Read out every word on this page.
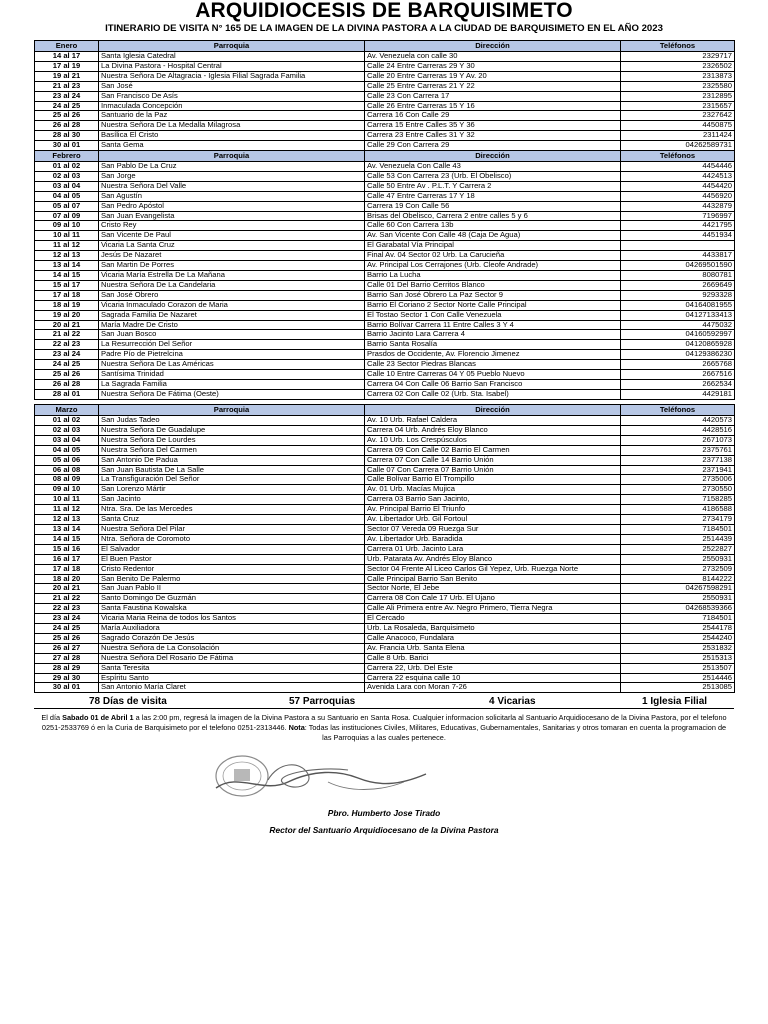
ARQUIDIOCESIS DE BARQUISIMETO
ITINERARIO DE VISITA N° 165 DE LA IMAGEN DE LA DIVINA PASTORA A LA CIUDAD DE BARQUISIMETO EN EL AÑO 2023
Enero	Parroquia	Dirección	Teléfonos
14 al 17	Santa Iglesia Catedral	Av. Venezuela con calle 30	2329717
17 al 19	La Divina Pastora - Hospital Central	Calle 24 Entre Carreras 29 Y 30	2326502
19 al 21	Nuestra Señora De Altagracia - Iglesia Filial Sagrada Familia	Calle 20 Entre Carreras 19 Y Av. 20	2313873
21 al 23	San José	Calle 25 Entre Carreras 21 Y 22	2325580
23 al 24	San Francisco De Asís	Calle 23 Con Carrera 17	2312895
24 al 25	Inmaculada Concepción	Calle 26 Entre Carreras 15 Y 16	2315657
25 al 26	Santuario de la Paz	Carrera 16 Con Calle 29	2327642
26 al 28	Nuestra Señora De La Medalla Milagrosa	Carrera 15 Entre Calles 35 Y 36	4450875
28 al 30	Basílica El Cristo	Carrera 23 Entre Calles 31 Y 32	2311424
30 al 01	Santa Gema	Calle 29 Con Carrera 29	04262589731
Febrero	Parroquia	Dirección	Teléfonos
01 al 02	San Pablo De La Cruz	Av. Venezuela Con Calle 43	4454446
02 al 03	San Jorge	Calle 53 Con Carrera 23 (Urb. El Obelisco)	4424513
03 al 04	Nuestra Señora Del Valle	Calle 50 Entre Av . P.L.T. Y Carrera 2	4454420
04 al 05	San Agustín	Calle 47 Entre Carreras 17 Y 18	4456920
05 al 07	San Pedro Apóstol	Carrera 19 Con Calle 56	4432879
07 al 09	San Juan Evangelista	Brisas del Obelisco, Carrera 2 entre calles 5 y 6	7196997
09 al 10	Cristo Rey	Calle 60 Con Carrera 13b	4421795
10 al 11	San Vicente De Paul	Av. San Vicente Con Calle 48 (Caja De Agua)	4451934
11 al 12	Vicaria La Santa Cruz	El Garabatal Vía Principal	
12 al 13	Jesús De Nazaret	Final Av. 04 Sector 02 Urb. La Carucieña	4433817
13 al 14	San Martin De Porres	Av. Principal Los Cerrajones (Urb. Cleofe Andrade)	04269501590
14 al 15	Vicaria María Estrella De La Mañana	Barrio La Lucha	8080781
15 al 17	Nuestra Señora De La Candelaria	Calle 01 Del Barrio Cerritos Blanco	2669649
17 al 18	San José Obrero	Barrio San José Obrero La Paz Sector 9	9293328
18 al 19	Vicaria Inmaculado Corazon de Maria	Barrio El Coriano 2 Sector Norte Calle Principal	04164081955
19 al 20	Sagrada Familia De Nazaret	El Tostao Sector 1 Con Calle Venezuela	04127133413
20 al 21	María Madre De Cristo	Barrio Bolívar Carrera 11 Entre Calles 3 Y 4	4475032
21 al 22	San Juan Bosco	Barrio Jacinto Lara Carrera 4	04160592997
22 al 23	La Resurrección Del Señor	Barrio Santa Rosalía	04120865928
23 al 24	Padre Pío de Pietrelcina	Prasdos de Occidente, Av. Florencio Jimenez	04129386230
24 al 25	Nuestra Señora De Las Américas	Calle 23 Sector Piedras Blancas	2665768
25 al 26	Santísima Trinidad	Calle 10 Entre Carreras 04 Y 05 Pueblo Nuevo	2667516
26 al 28	La Sagrada Familia	Carrera 04 Con Calle 06 Barrio San Francisco	2662534
28 al 01	Nuestra Señora De Fátima (Oeste)	Carrera 02 Con Calle 02 (Urb. Sta. Isabel)	4429181
Marzo	Parroquia	Dirección	Teléfonos
01 al 02	San Judas Tadeo	Av. 10 Urb. Rafael Caldera	4420573
02 al 03	Nuestra Señora De Guadalupe	Carrera 04 Urb. Andrés Eloy Blanco	4428516
03 al 04	Nuestra Señora De Lourdes	Av. 10 Urb. Los Crespúsculos	2671073
04 al 05	Nuestra Señora Del Carmen	Carrera 09 Con Calle 02 Barrio El Carmen	2375761
05 al 06	San Antonio De Padua	Carrera 07 Con Calle 14 Barrio Unión	2377138
06 al 08	San Juan Bautista De La Salle	Calle 07 Con Carrera 07 Barrio Unión	2371941
08 al 09	La Transfiguración Del Señor	Calle Bolívar Barrio El Trompillo	2735006
09 al 10	San Lorenzo Mártir	Av. 01 Urb. Macías Mujica	2730550
10 al 11	San Jacinto	Carrera 03 Barrio San Jacinto,	7158285
11 al 12	Ntra. Sra. De las Mercedes	Av. Principal Barrio El Triunfo	4186588
12 al 13	Santa Cruz	Av. Libertador Urb. Gil Fortoul	2734179
13 al 14	Nuestra Señora Del Pilar	Sector 07 Vereda 09 Ruezga Sur	7184501
14 al 15	Ntra. Señora de Coromoto	Av. Libertador Urb. Baradida	2514439
15 al 16	El Salvador	Carrera 01 Urb. Jacinto Lara	2522827
16 al 17	El Buen Pastor	Urb. Patarata Av. Andrés Eloy Blanco	2550931
17 al 18	Cristo Redentor	Sector 04 Frente Al Liceo Carlos Gil Yepez, Urb. Ruezga Norte	2732509
18 al 20	San Benito De Palermo	Calle Principal Barrio San Benito	8144222
20 al 21	San Juan Pablo II	Sector Norte, El Jebe	04267598291
21 al 22	Santo Domingo De Guzmán	Carrera 08 Con Cale 17 Urb. El Ujano	2550931
22 al 23	Santa Faustina Kowalska	Calle Ali Primera entre Av. Negro Primero, Tierra Negra	04268539366
23 al 24	Vicaria Maria Reina de todos los Santos	El Cercado	7184501
24 al 25	María Auxiliadora	Urb. La Rosaleda, Barquisimeto	2544178
25 al 26	Sagrado Corazón De Jesús	Calle Anacoco, Fundalara	2544240
26 al 27	Nuestra Señora de La Consolación	Av. Francia Urb. Santa Elena	2531832
27 al 28	Nuestra Señora Del Rosario De Fátima	Calle 8 Urb. Barici	2515313
28 al 29	Santa Teresita	Carrera 22, Urb. Del Este	2513507
29 al 30	Espíritu Santo	Carrera 22 esquina calle 10	2514446
30 al 01	San Antonio María Claret	Avenida Lara con Moran 7-26	2513085
78 Días de visita	57 Parroquias	4 Vicarias	1 Iglesia Filial
El día Sabado 01 de Abril 1 a las 2:00 pm, regresá la imagen de la Divina Pastora a su Santuario en Santa Rosa. Cualquier informacion solicitarla al Santuario Arquidiocesano de la Divina Pastora, por el telefono 0251-2533769 ó en la Curia de Barquisimeto por el telefono 0251-2313446. Nota: Todas las instituciones Civiles, Militares, Educativas, Gubernamentales, Sanitarias y otros tomaran en cuenta la programacion de las Parroquias a las cuales pertenece.
Pbro. Humberto Jose Tirado
Rector del Santuario Arquidiocesano de la Divina Pastora
